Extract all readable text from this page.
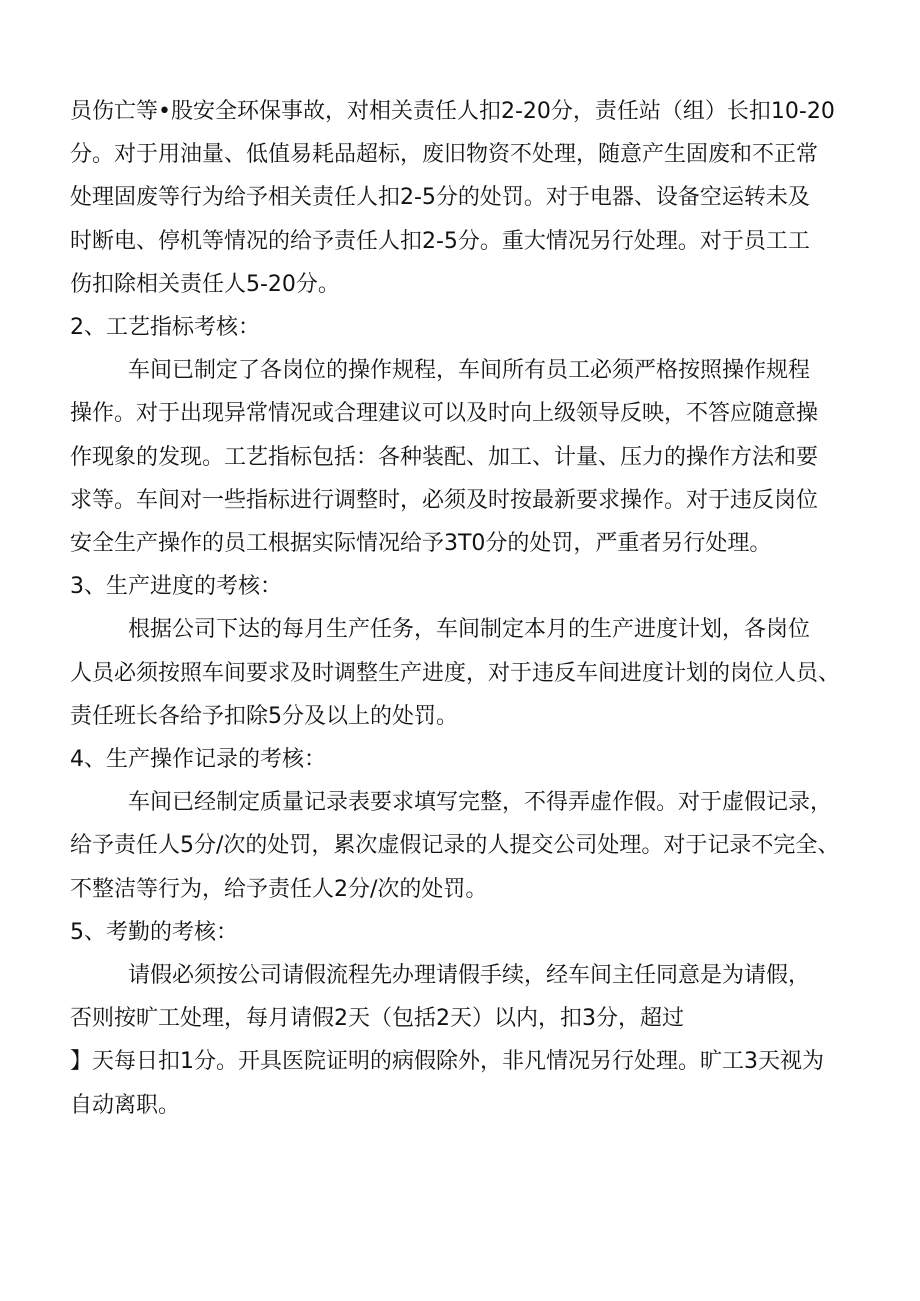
员伤亡等•股安全环保事故，对相关责任人扣2-20分，责任站（组）长扣10-20
分。对于用油量、低值易耗品超标，废旧物资不处理，随意产生固废和不正常
处理固废等行为给予相关责任人扣2-5分的处罚。对于电器、设备空运转未及
时断电、停机等情况的给予责任人扣2-5分。重大情况另行处理。对于员工工
伤扣除相关责任人5-20分。
2、工艺指标考核：
车间已制定了各岗位的操作规程，车间所有员工必须严格按照操作规程
操作。对于出现异常情况或合理建议可以及时向上级领导反映，不答应随意操
作现象的发现。工艺指标包括：各种装配、加工、计量、压力的操作方法和要
求等。车间对一些指标进行调整时，必须及时按最新要求操作。对于违反岗位
安全生产操作的员工根据实际情况给予3T0分的处罚，严重者另行处理。
3、生产进度的考核：
根据公司下达的每月生产任务，车间制定本月的生产进度计划，各岗位
人员必须按照车间要求及时调整生产进度，对于违反车间进度计划的岗位人员、
责任班长各给予扣除5分及以上的处罚。
4、生产操作记录的考核：
车间已经制定质量记录表要求填写完整，不得弄虚作假。对于虚假记录，
给予责任人5分/次的处罚，累次虚假记录的人提交公司处理。对于记录不完全、
不整洁等行为，给予责任人2分/次的处罚。
5、考勤的考核：
请假必须按公司请假流程先办理请假手续，经车间主任同意是为请假，
否则按旷工处理，每月请假2天（包括2天）以内，扣3分，超过
】天每日扣1分。开具医院证明的病假除外，非凡情况另行处理。旷工3天视为
自动离职。
